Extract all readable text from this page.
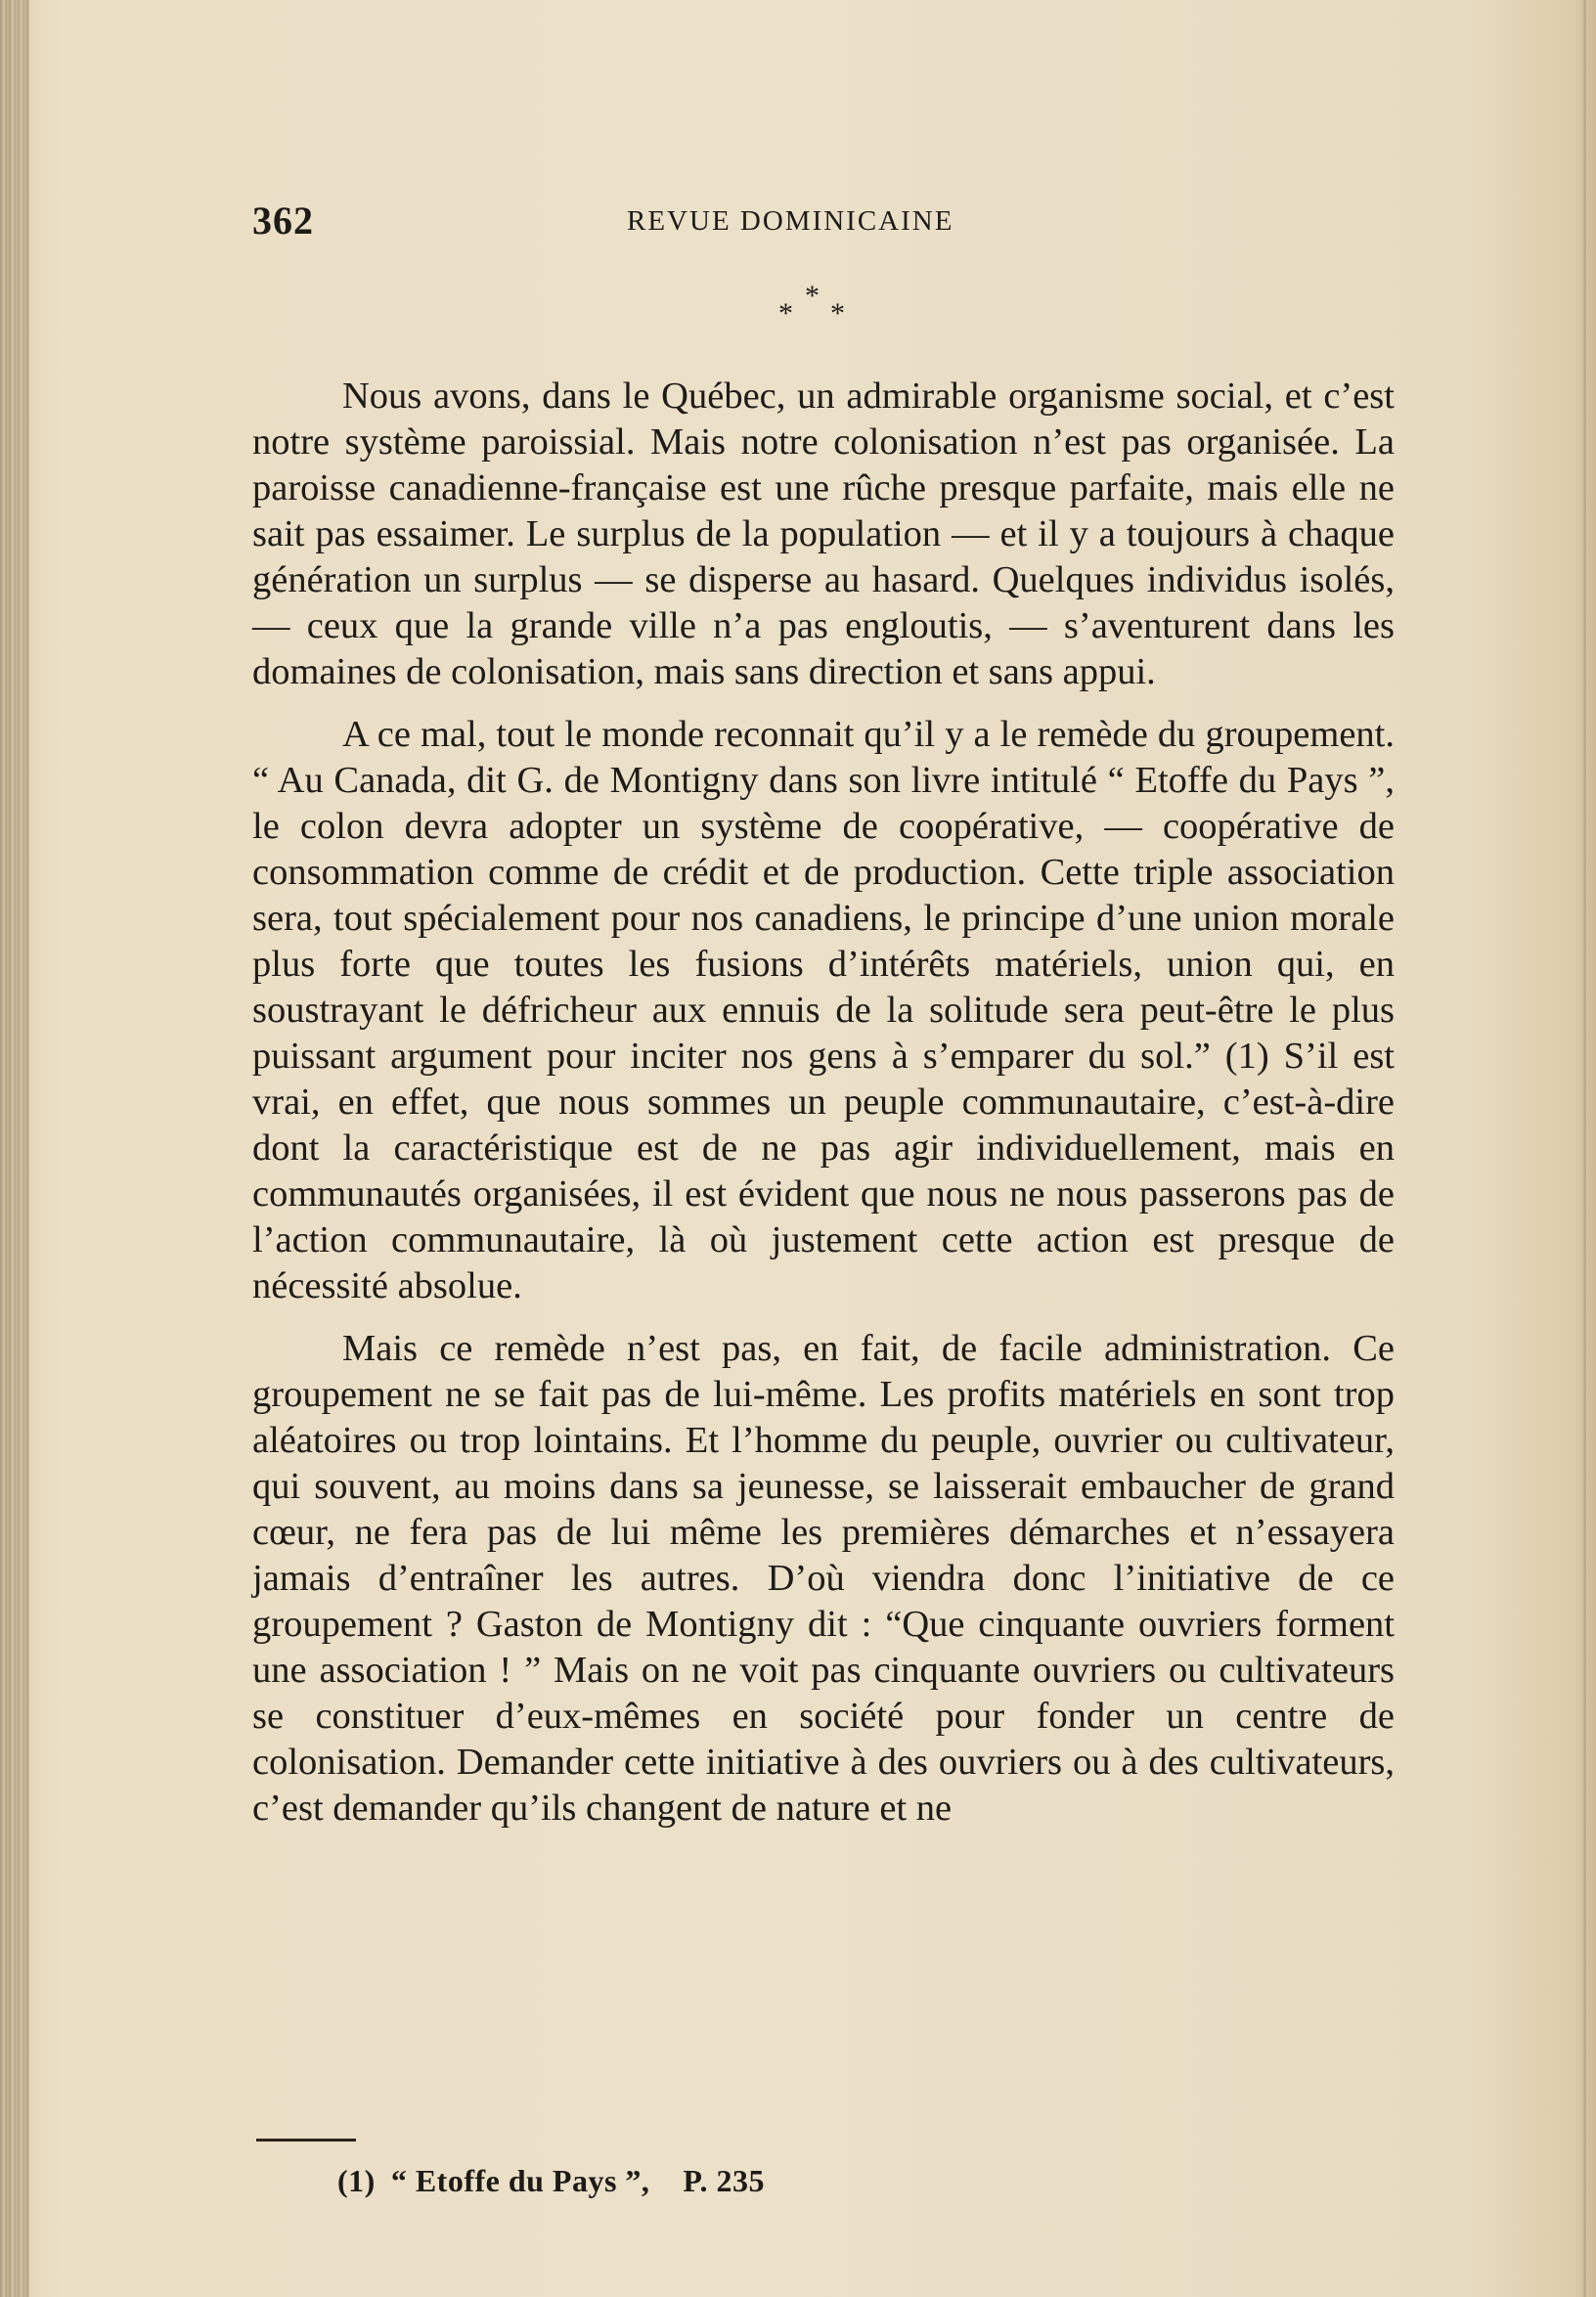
362	REVUE DOMINICAINE
*
* *

Nous avons, dans le Québec, un admirable organisme social, et c’est notre système paroissial. Mais notre colonisation n’est pas organisée. La paroisse canadienne-française est une rûche presque parfaite, mais elle ne sait pas essaimer. Le surplus de la population — et il y a toujours à chaque génération un surplus — se disperse au hasard. Quelques individus isolés, — ceux que la grande ville n’a pas engloutis, — s’aventurent dans les domaines de colonisation, mais sans direction et sans appui.

A ce mal, tout le monde reconnait qu’il y a le remède du groupement. “ Au Canada, dit G. de Montigny dans son livre intitulé “ Etoffe du Pays ”, le colon devra adopter un système de coopérative, — coopérative de consommation comme de crédit et de production. Cette triple association sera, tout spécialement pour nos canadiens, le principe d’une union morale plus forte que toutes les fusions d’intérêts matériels, union qui, en soustrayant le défricheur aux ennuis de la solitude sera peut-être le plus puissant argument pour inciter nos gens à s’emparer du sol.” (1) S’il est vrai, en effet, que nous sommes un peuple communautaire, c’est-à-dire dont la caractéristique est de ne pas agir individuellement, mais en communautés organisées, il est évident que nous ne nous passerons pas de l’action communautaire, là où justement cette action est presque de nécessité absolue.

Mais ce remède n’est pas, en fait, de facile administration. Ce groupement ne se fait pas de lui-même. Les profits matériels en sont trop aléatoires ou trop lointains. Et l’homme du peuple, ouvrier ou cultivateur, qui souvent, au moins dans sa jeunesse, se laisserait embaucher de grand cœur, ne fera pas de lui même les premières démarches et n’essayera jamais d’entraîner les autres. D’où viendra donc l’initiative de ce groupement ? Gaston de Montigny dit : “Que cinquante ouvriers forment une association ! ” Mais on ne voit pas cinquante ouvriers ou cultivateurs se constituer d’eux-mêmes en société pour fonder un centre de colonisation. Demander cette initiative à des ouvriers ou à des cultivateurs, c’est demander qu’ils changent de nature et ne

(1) “ Etoffe du Pays ”, P. 235
